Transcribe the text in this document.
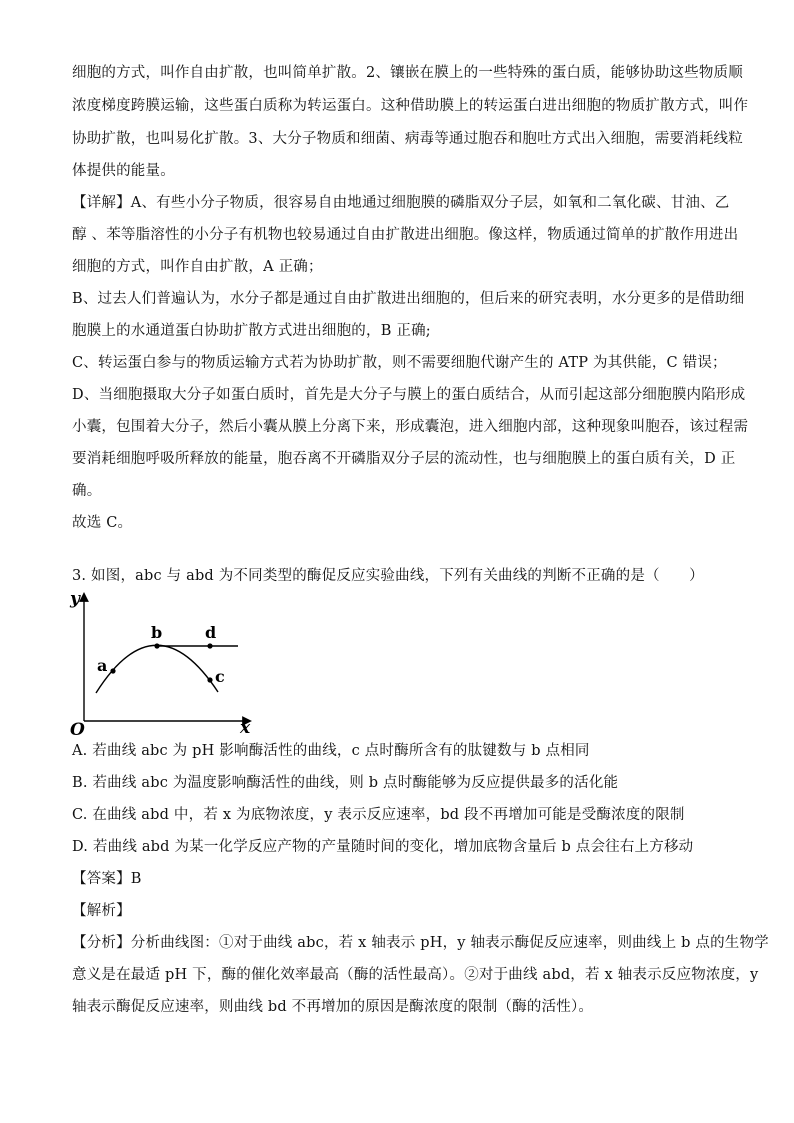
细胞的方式，叫作自由扩散，也叫简单扩散。2、镶嵌在膜上的一些特殊的蛋白质，能够协助这些物质顺
浓度梯度跨膜运输，这些蛋白质称为转运蛋白。这种借助膜上的转运蛋白进出细胞的物质扩散方式，叫作
协助扩散，也叫易化扩散。3、大分子物质和细菌、病毒等通过胞吞和胞吐方式出入细胞，需要消耗线粒
体提供的能量。
【详解】A、有些小分子物质，很容易自由地通过细胞膜的磷脂双分子层，如氧和二氧化碳、甘油、乙
醇 、苯等脂溶性的小分子有机物也较易通过自由扩散进出细胞。像这样，物质通过简单的扩散作用进出
细胞的方式，叫作自由扩散，A 正确；
B、过去人们普遍认为，水分子都是通过自由扩散进出细胞的，但后来的研究表明，水分更多的是借助细
胞膜上的水通道蛋白协助扩散方式进出细胞的，B 正确;
C、转运蛋白参与的物质运输方式若为协助扩散，则不需要细胞代谢产生的 ATP 为其供能，C 错误；
D、当细胞摄取大分子如蛋白质时，首先是大分子与膜上的蛋白质结合，从而引起这部分细胞膜内陷形成
小囊，包围着大分子，然后小囊从膜上分离下来，形成囊泡，进入细胞内部，这种现象叫胞吞，该过程需
要消耗细胞呼吸所释放的能量，胞吞离不开磷脂双分子层的流动性，也与细胞膜上的蛋白质有关，D 正
确。
故选 C。
3. 如图，abc 与 abd 为不同类型的酶促反应实验曲线，下列有关曲线的判断不正确的是（　　）
y
x
O
a
b
c
d
A. 若曲线 abc 为 pH 影响酶活性的曲线，c 点时酶所含有的肽键数与 b 点相同
B. 若曲线 abc 为温度影响酶活性的曲线，则 b 点时酶能够为反应提供最多的活化能
C. 在曲线 abd 中，若 x 为底物浓度，y 表示反应速率，bd 段不再增加可能是受酶浓度的限制
D. 若曲线 abd 为某一化学反应产物的产量随时间的变化，增加底物含量后 b 点会往右上方移动
【答案】B
【解析】
【分析】分析曲线图：①对于曲线 abc，若 x 轴表示 pH，y 轴表示酶促反应速率，则曲线上 b 点的生物学
意义是在最适 pH 下，酶的催化效率最高（酶的活性最高）。②对于曲线 abd，若 x 轴表示反应物浓度，y
轴表示酶促反应速率，则曲线 bd 不再增加的原因是酶浓度的限制（酶的活性）。
